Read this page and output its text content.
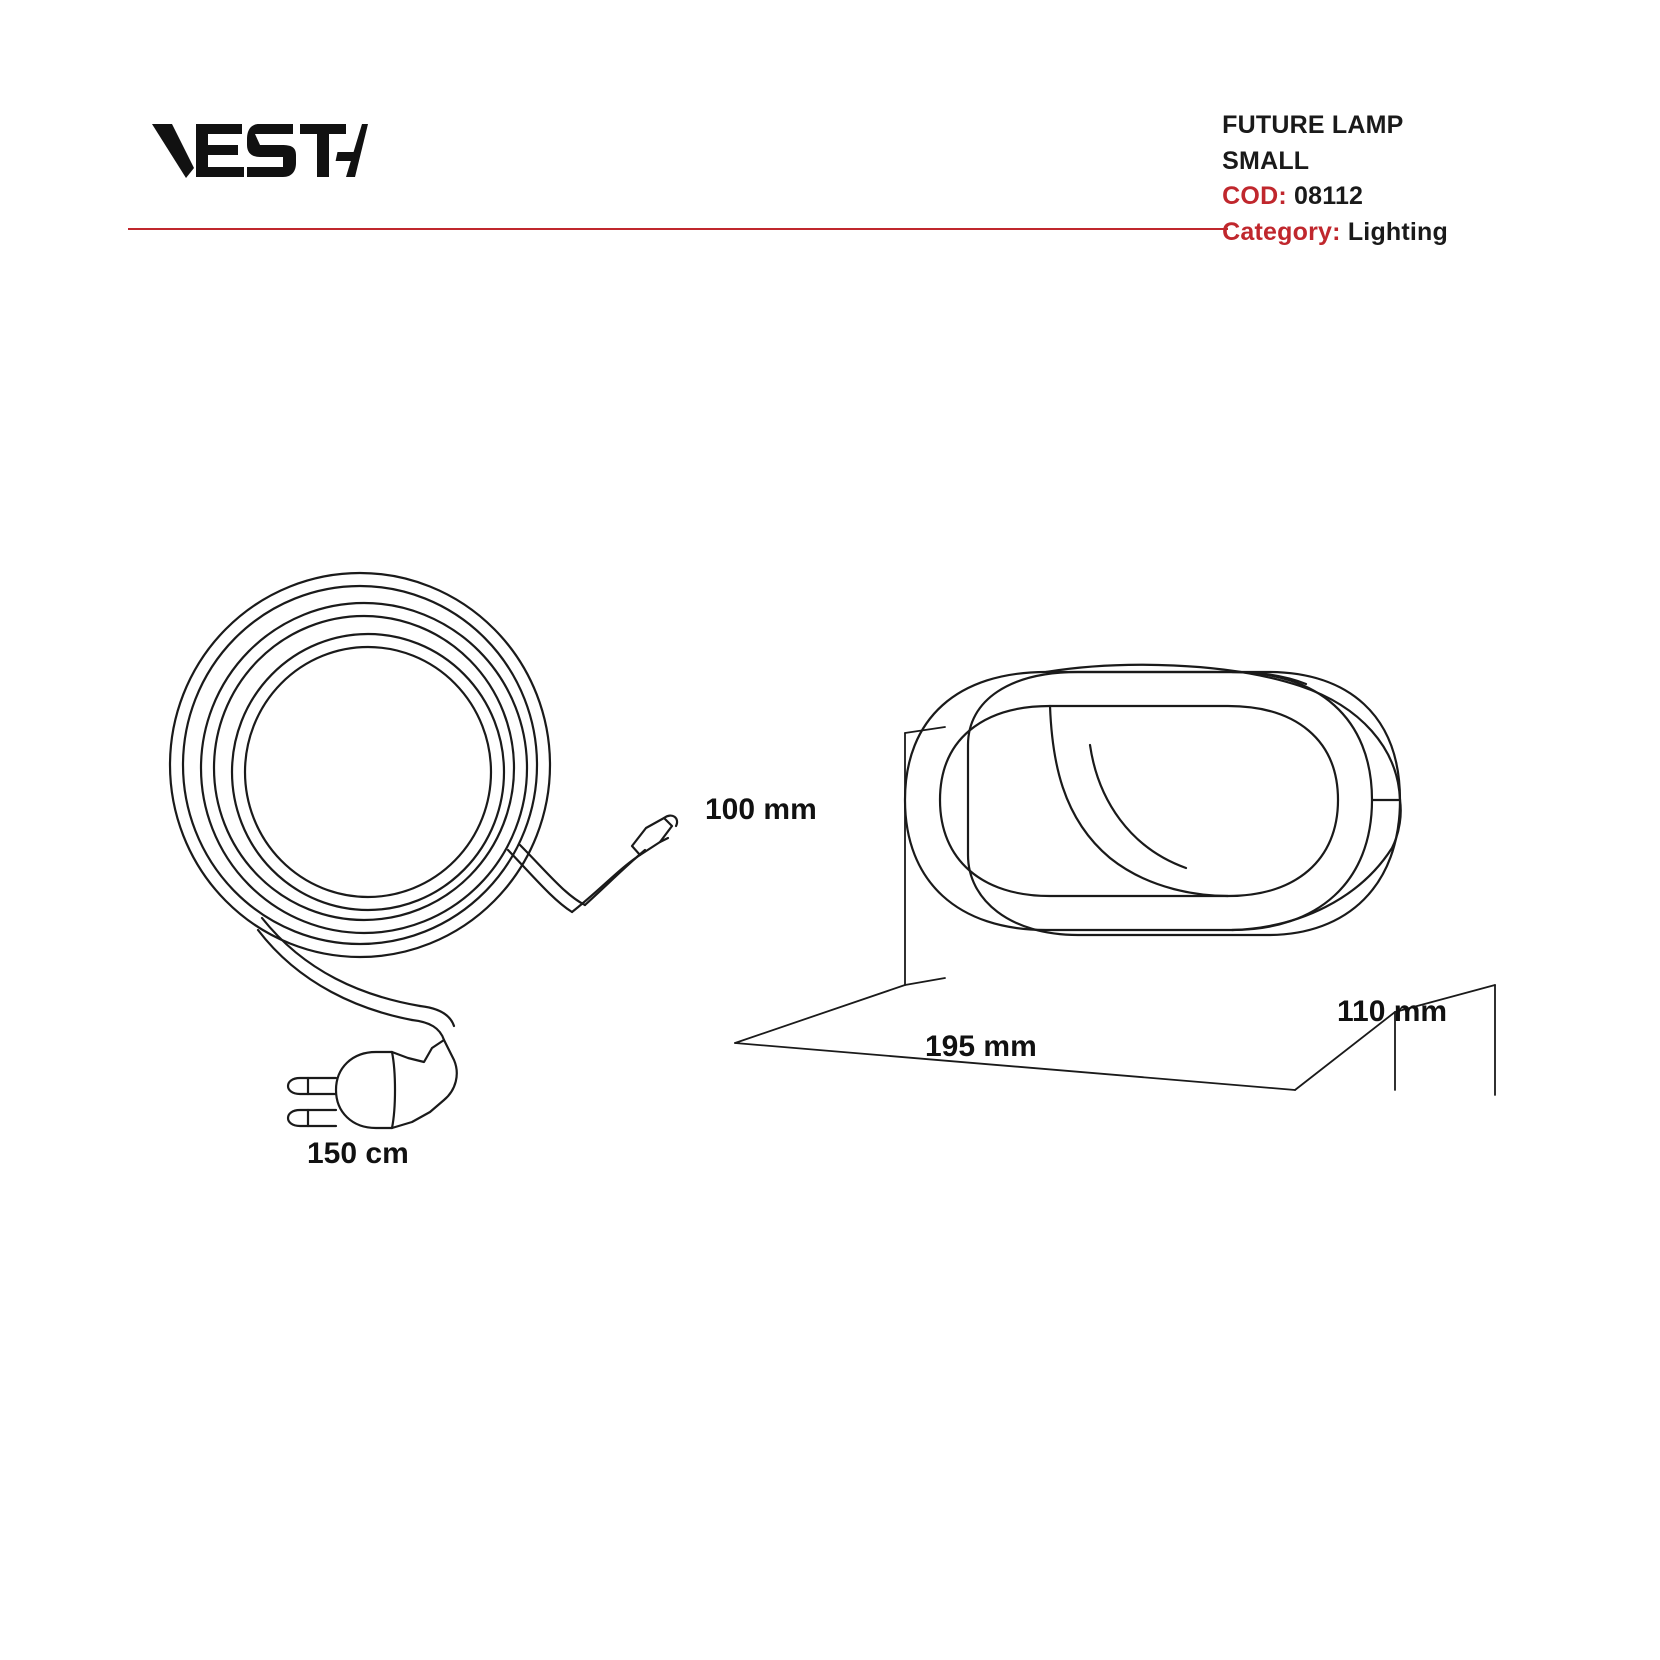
FUTURE LAMP
SMALL
COD: 08112
Category: Lighting
150 cm
100 mm
195 mm
110 mm
